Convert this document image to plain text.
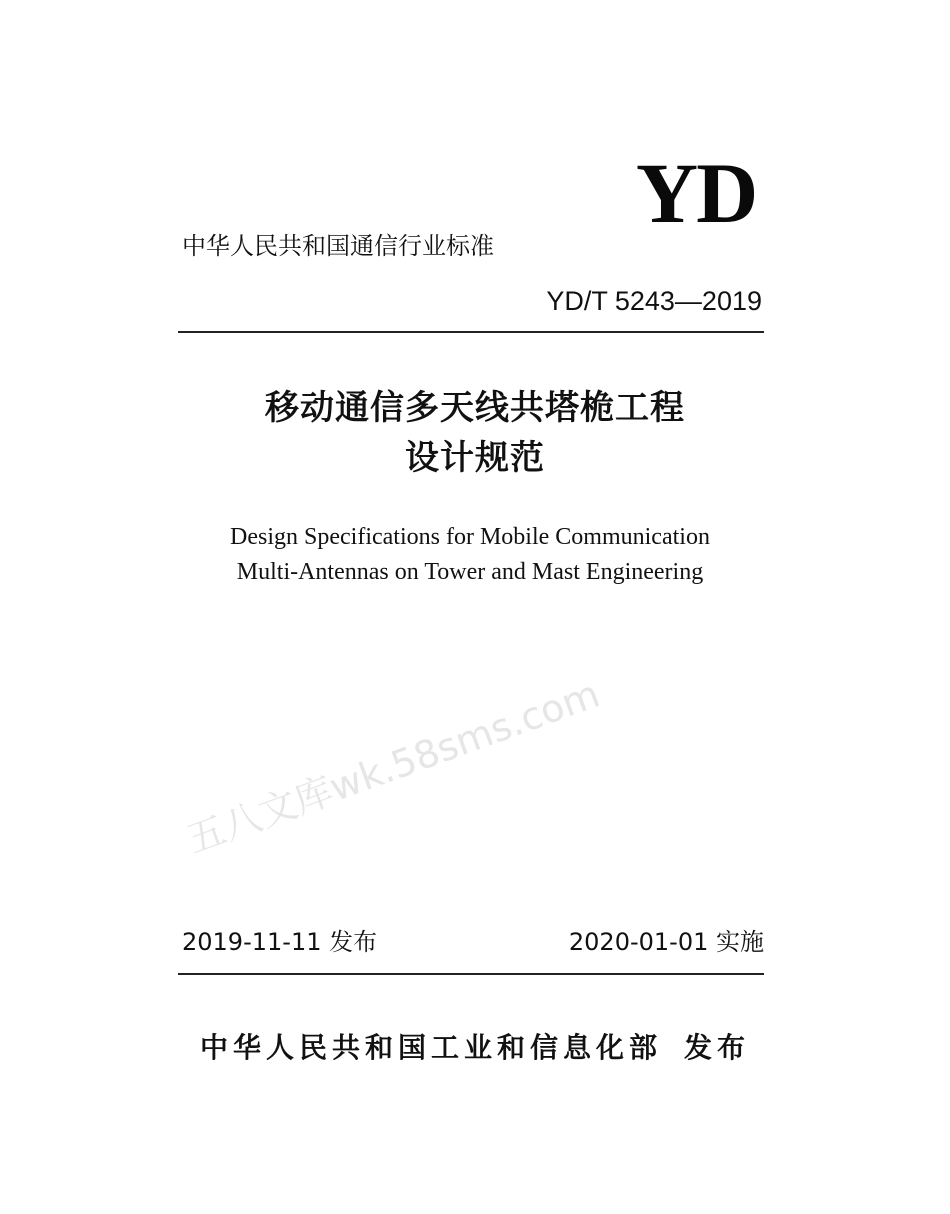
YD
中华人民共和国通信行业标准
YD/T 5243—2019
移动通信多天线共塔桅工程
设计规范
Design Specifications for Mobile Communication
Multi-Antennas on Tower and Mast Engineering
五八文库wk.58sms.com
2019-11-11 发布	2020-01-01 实施
中华人民共和国工业和信息化部 发布
